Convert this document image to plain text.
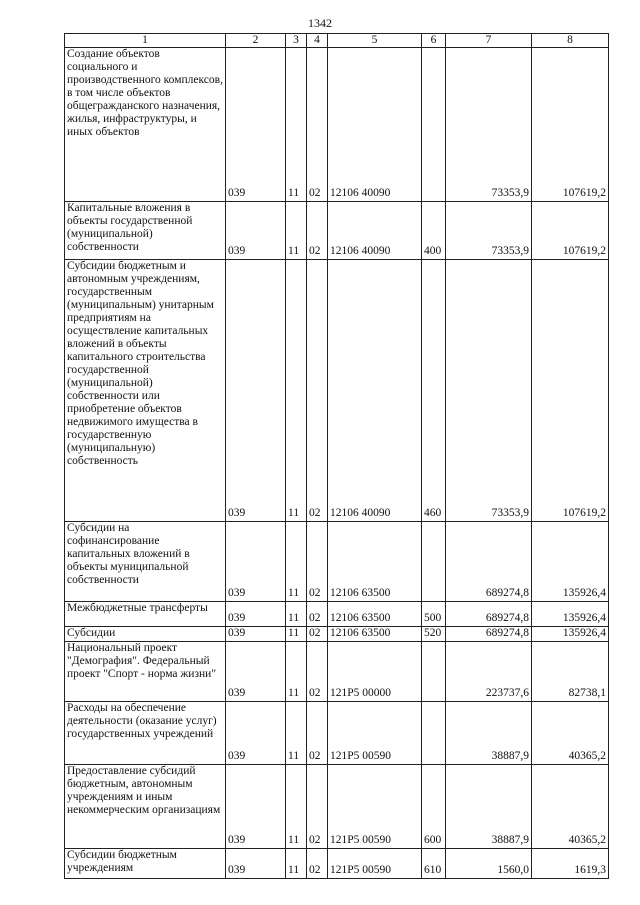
1342
1	2	3	4	5	6	7	8
Создание объектов социального и производственного комплексов, в том числе объектов общегражданского назначения, жилья, инфраструктуры, и иных объектов	039	11	02	12106 40090		73353,9	107619,2
Капитальные вложения в объекты государственной (муниципальной) собственности	039	11	02	12106 40090	400	73353,9	107619,2
Субсидии бюджетным и автономным учреждениям, государственным (муниципальным) унитарным предприятиям на осуществление капитальных вложений в объекты капитального строительства государственной (муниципальной) собственности или приобретение объектов недвижимого имущества в государственную (муниципальную) собственность	039	11	02	12106 40090	460	73353,9	107619,2
Субсидии на софинансирование капитальных вложений в объекты муниципальной собственности	039	11	02	12106 63500		689274,8	135926,4
Межбюджетные трансферты	039	11	02	12106 63500	500	689274,8	135926,4
Субсидии	039	11	02	12106 63500	520	689274,8	135926,4
Национальный проект "Демография". Федеральный проект "Спорт - норма жизни"	039	11	02	121P5 00000		223737,6	82738,1
Расходы на обеспечение деятельности (оказание услуг) государственных учреждений	039	11	02	121P5 00590		38887,9	40365,2
Предоставление субсидий бюджетным, автономным учреждениям и иным некоммерческим организациям	039	11	02	121P5 00590	600	38887,9	40365,2
Субсидии бюджетным учреждениям	039	11	02	121P5 00590	610	1560,0	1619,3
